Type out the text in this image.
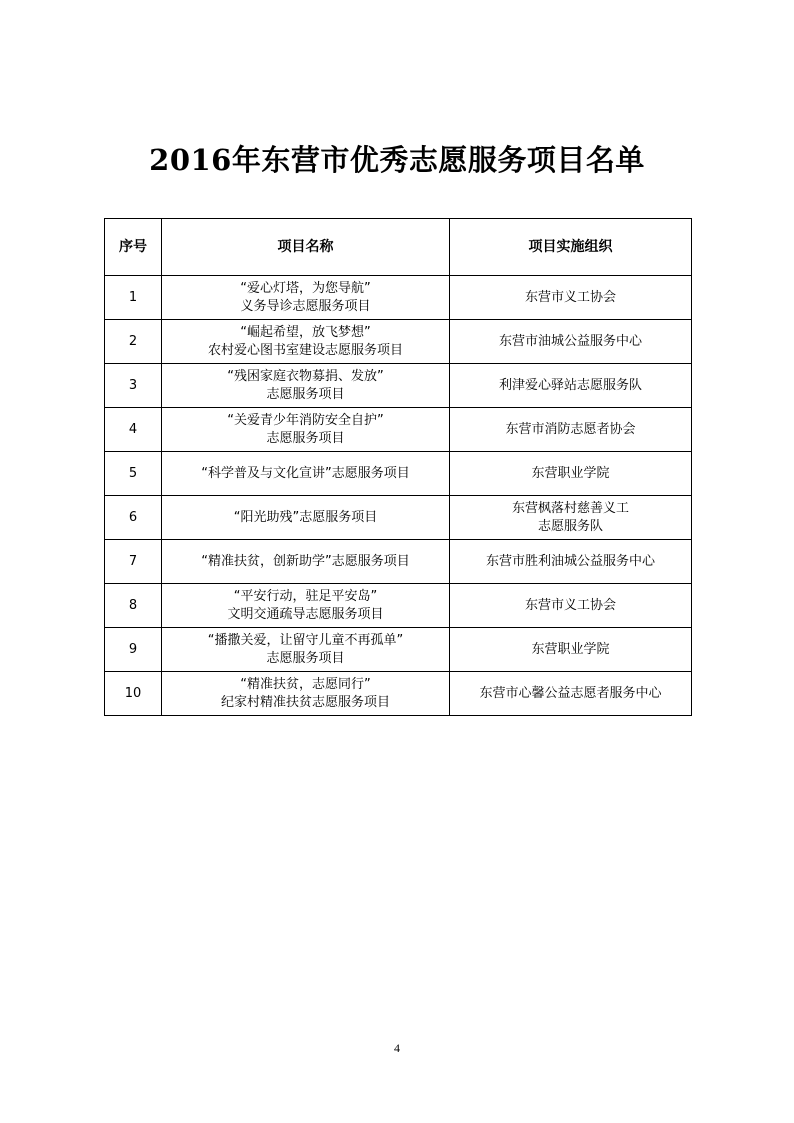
2016年东营市优秀志愿服务项目名单
序号	项目名称	项目实施组织
1	“爱心灯塔，为您导航”
义务导诊志愿服务项目	东营市义工协会

2	“崛起希望，放飞梦想”
农村爱心图书室建设志愿服务项目	东营市油城公益服务中心

3	“残困家庭衣物募捐、发放”
志愿服务项目	利津爱心驿站志愿服务队

4	“关爱青少年消防安全自护”
志愿服务项目	东营市消防志愿者协会

5	“科学普及与文化宣讲”志愿服务项目	东营职业学院

6	“阳光助残”志愿服务项目	东营枫落村慈善义工
志愿服务队

7	“精准扶贫，创新助学”志愿服务项目	东营市胜利油城公益服务中心

8	“平安行动，驻足平安岛”
文明交通疏导志愿服务项目	东营市义工协会

9	“播撒关爱，让留守儿童不再孤单”
志愿服务项目	东营职业学院

10	“精准扶贫，志愿同行”
纪家村精准扶贫志愿服务项目	东营市心馨公益志愿者服务中心
4
